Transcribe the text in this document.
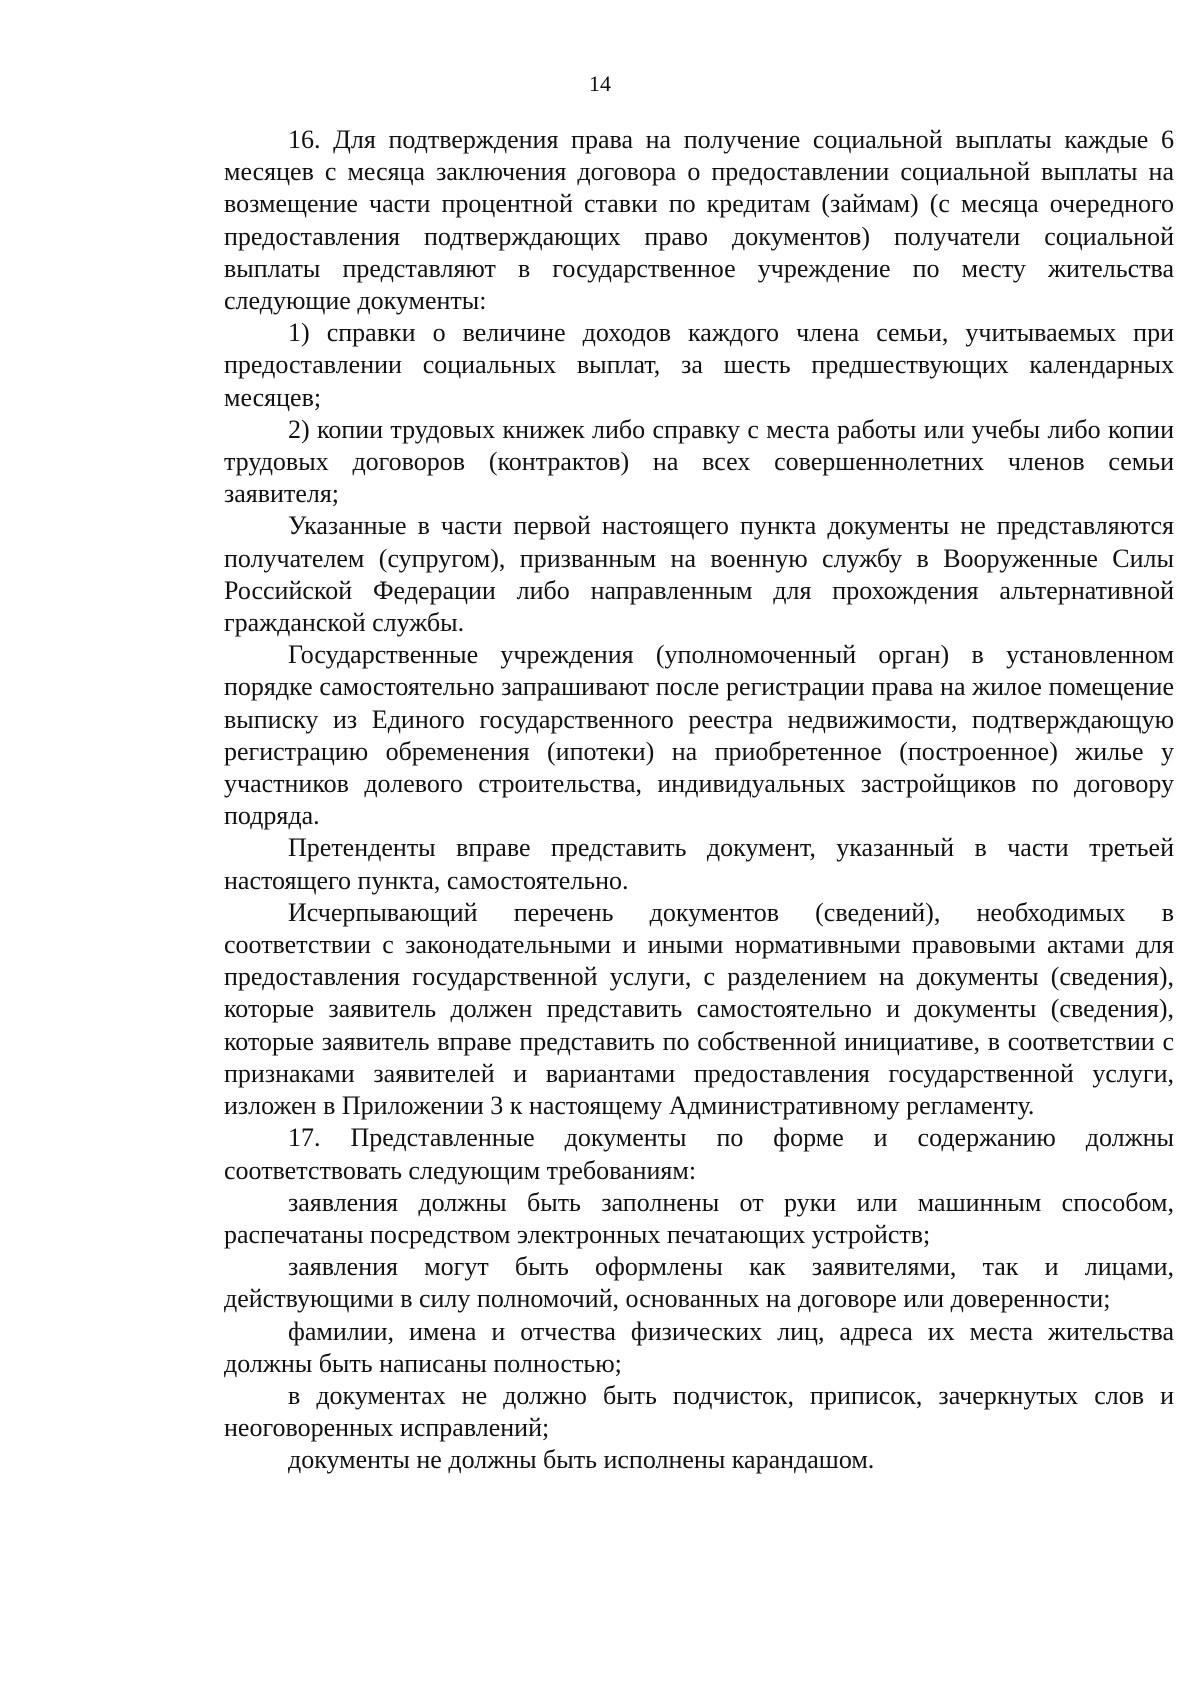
14

16. Для подтверждения права на получение социальной выплаты каждые 6 месяцев с месяца заключения договора о предоставлении социальной выплаты на возмещение части процентной ставки по кредитам (займам) (с месяца очередного предоставления подтверждающих право документов) получатели социальной выплаты представляют в государственное учреждение по месту жительства следующие документы:

1) справки о величине доходов каждого члена семьи, учитываемых при предоставлении социальных выплат, за шесть предшествующих календарных месяцев;

2) копии трудовых книжек либо справку с места работы или учебы либо копии трудовых договоров (контрактов) на всех совершеннолетних членов семьи заявителя;

Указанные в части первой настоящего пункта документы не представляются получателем (супругом), призванным на военную службу в Вооруженные Силы Российской Федерации либо направленным для прохождения альтернативной гражданской службы.

Государственные учреждения (уполномоченный орган) в установленном порядке самостоятельно запрашивают после регистрации права на жилое помещение выписку из Единого государственного реестра недвижимости, подтверждающую регистрацию обременения (ипотеки) на приобретенное (построенное) жилье у участников долевого строительства, индивидуальных застройщиков по договору подряда.

Претенденты вправе представить документ, указанный в части третьей настоящего пункта, самостоятельно.

Исчерпывающий перечень документов (сведений), необходимых в соответствии с законодательными и иными нормативными правовыми актами для предоставления государственной услуги, с разделением на документы (сведения), которые заявитель должен представить самостоятельно и документы (сведения), которые заявитель вправе представить по собственной инициативе, в соответствии с признаками заявителей и вариантами предоставления государственной услуги, изложен в Приложении 3 к настоящему Административному регламенту.

17. Представленные документы по форме и содержанию должны соответствовать следующим требованиям:

заявления должны быть заполнены от руки или машинным способом, распечатаны посредством электронных печатающих устройств;

заявления могут быть оформлены как заявителями, так и лицами, действующими в силу полномочий, основанных на договоре или доверенности;

фамилии, имена и отчества физических лиц, адреса их места жительства должны быть написаны полностью;

в документах не должно быть подчисток, приписок, зачеркнутых слов и неоговоренных исправлений;

документы не должны быть исполнены карандашом.
